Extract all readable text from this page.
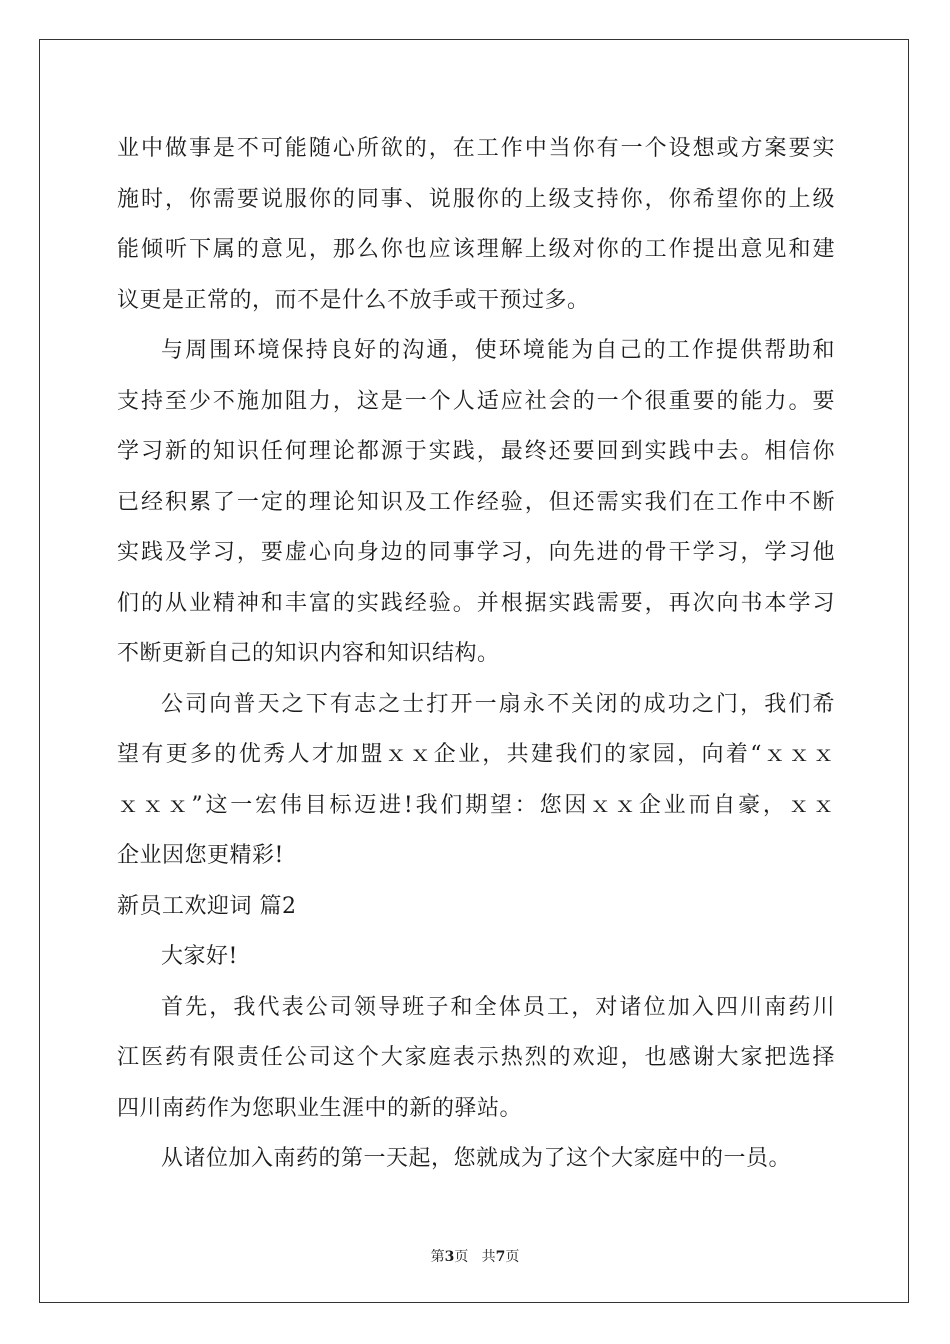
业中做事是不可能随心所欲的，在工作中当你有一个设想或方案要实

施时，你需要说服你的同事、说服你的上级支持你，你希望你的上级

能倾听下属的意见，那么你也应该理解上级对你的工作提出意见和建

议更是正常的，而不是什么不放手或干预过多。

与周围环境保持良好的沟通，使环境能为自己的工作提供帮助和

支持至少不施加阻力，这是一个人适应社会的一个很重要的能力。要

学习新的知识任何理论都源于实践，最终还要回到实践中去。相信你

已经积累了一定的理论知识及工作经验，但还需实我们在工作中不断

实践及学习，要虚心向身边的同事学习，向先进的骨干学习，学习他

们的从业精神和丰富的实践经验。并根据实践需要，再次向书本学习

不断更新自己的知识内容和知识结构。

公司向普天之下有志之士打开一扇永不关闭的成功之门，我们希

望有更多的优秀人才加盟ｘｘ企业，共建我们的家园，向着“ｘｘｘ

ｘｘｘ”这一宏伟目标迈进!我们期望：您因ｘｘ企业而自豪，ｘｘ

企业因您更精彩!

新员工欢迎词 篇2

大家好!

首先，我代表公司领导班子和全体员工，对诸位加入四川南药川

江医药有限责任公司这个大家庭表示热烈的欢迎，也感谢大家把选择

四川南药作为您职业生涯中的新的驿站。

从诸位加入南药的第一天起，您就成为了这个大家庭中的一员。

第3页 共7页
